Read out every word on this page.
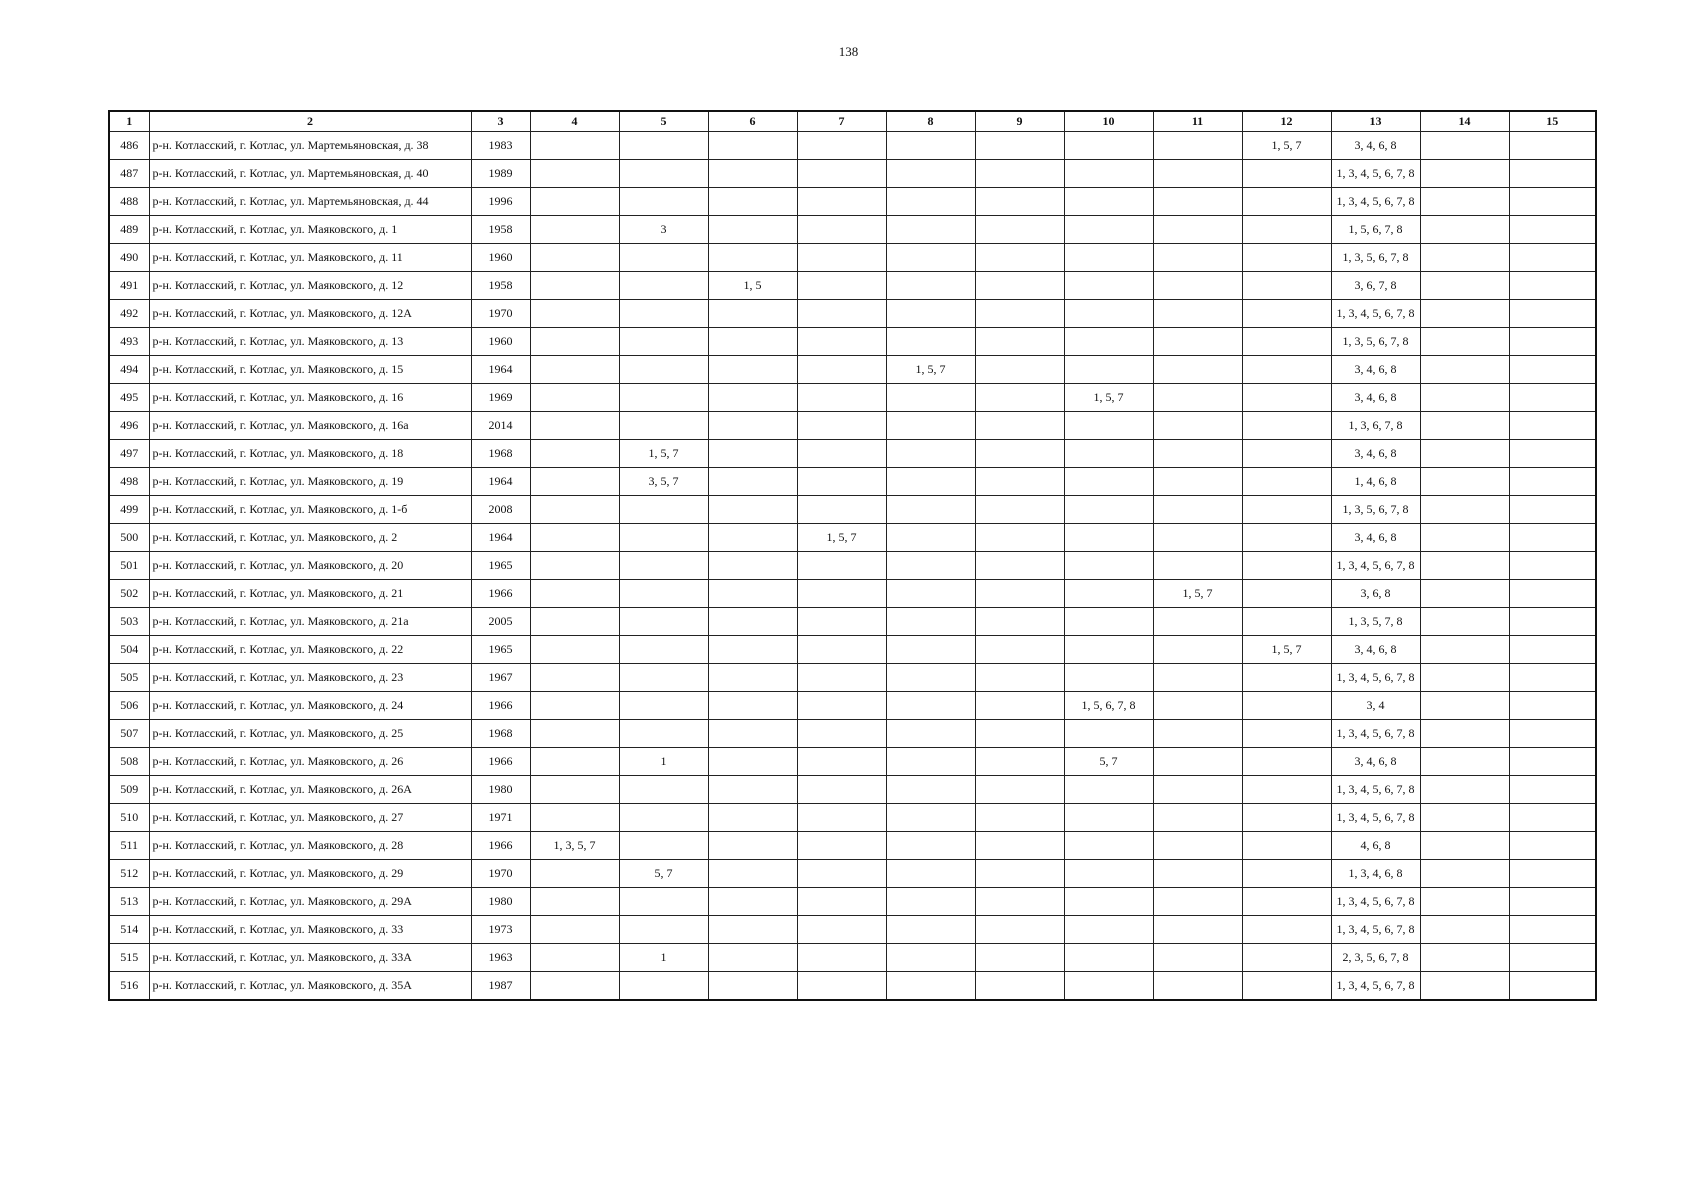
138
1	2	3	4	5	6	7	8	9	10	11	12	13	14	15
486	р-н. Котласский, г. Котлас, ул. Мартемьяновская, д. 38	1983									1, 5, 7	3, 4, 6, 8		
487	р-н. Котласский, г. Котлас, ул. Мартемьяновская, д. 40	1989										1, 3, 4, 5, 6, 7, 8		
488	р-н. Котласский, г. Котлас, ул. Мартемьяновская, д. 44	1996										1, 3, 4, 5, 6, 7, 8		
489	р-н. Котласский, г. Котлас, ул. Маяковского, д. 1	1958		3								1, 5, 6, 7, 8		
490	р-н. Котласский, г. Котлас, ул. Маяковского, д. 11	1960										1, 3, 5, 6, 7, 8		
491	р-н. Котласский, г. Котлас, ул. Маяковского, д. 12	1958			1, 5							3, 6, 7, 8		
492	р-н. Котласский, г. Котлас, ул. Маяковского, д. 12А	1970										1, 3, 4, 5, 6, 7, 8		
493	р-н. Котласский, г. Котлас, ул. Маяковского, д. 13	1960										1, 3, 5, 6, 7, 8		
494	р-н. Котласский, г. Котлас, ул. Маяковского, д. 15	1964					1, 5, 7					3, 4, 6, 8		
495	р-н. Котласский, г. Котлас, ул. Маяковского, д. 16	1969							1, 5, 7			3, 4, 6, 8		
496	р-н. Котласский, г. Котлас, ул. Маяковского, д. 16а	2014										1, 3, 6, 7, 8		
497	р-н. Котласский, г. Котлас, ул. Маяковского, д. 18	1968		1, 5, 7								3, 4, 6, 8		
498	р-н. Котласский, г. Котлас, ул. Маяковского, д. 19	1964		3, 5, 7								1, 4, 6, 8		
499	р-н. Котласский, г. Котлас, ул. Маяковского, д. 1-б	2008										1, 3, 5, 6, 7, 8		
500	р-н. Котласский, г. Котлас, ул. Маяковского, д. 2	1964				1, 5, 7						3, 4, 6, 8		
501	р-н. Котласский, г. Котлас, ул. Маяковского, д. 20	1965										1, 3, 4, 5, 6, 7, 8		
502	р-н. Котласский, г. Котлас, ул. Маяковского, д. 21	1966								1, 5, 7		3, 6, 8		
503	р-н. Котласский, г. Котлас, ул. Маяковского, д. 21а	2005										1, 3, 5, 7, 8		
504	р-н. Котласский, г. Котлас, ул. Маяковского, д. 22	1965									1, 5, 7	3, 4, 6, 8		
505	р-н. Котласский, г. Котлас, ул. Маяковского, д. 23	1967										1, 3, 4, 5, 6, 7, 8		
506	р-н. Котласский, г. Котлас, ул. Маяковского, д. 24	1966							1, 5, 6, 7, 8			3, 4		
507	р-н. Котласский, г. Котлас, ул. Маяковского, д. 25	1968										1, 3, 4, 5, 6, 7, 8		
508	р-н. Котласский, г. Котлас, ул. Маяковского, д. 26	1966		1					5, 7			3, 4, 6, 8		
509	р-н. Котласский, г. Котлас, ул. Маяковского, д. 26А	1980										1, 3, 4, 5, 6, 7, 8		
510	р-н. Котласский, г. Котлас, ул. Маяковского, д. 27	1971										1, 3, 4, 5, 6, 7, 8		
511	р-н. Котласский, г. Котлас, ул. Маяковского, д. 28	1966	1, 3, 5, 7									4, 6, 8		
512	р-н. Котласский, г. Котлас, ул. Маяковского, д. 29	1970		5, 7								1, 3, 4, 6, 8		
513	р-н. Котласский, г. Котлас, ул. Маяковского, д. 29А	1980										1, 3, 4, 5, 6, 7, 8		
514	р-н. Котласский, г. Котлас, ул. Маяковского, д. 33	1973										1, 3, 4, 5, 6, 7, 8		
515	р-н. Котласский, г. Котлас, ул. Маяковского, д. 33А	1963		1								2, 3, 5, 6, 7, 8		
516	р-н. Котласский, г. Котлас, ул. Маяковского, д. 35А	1987										1, 3, 4, 5, 6, 7, 8		
